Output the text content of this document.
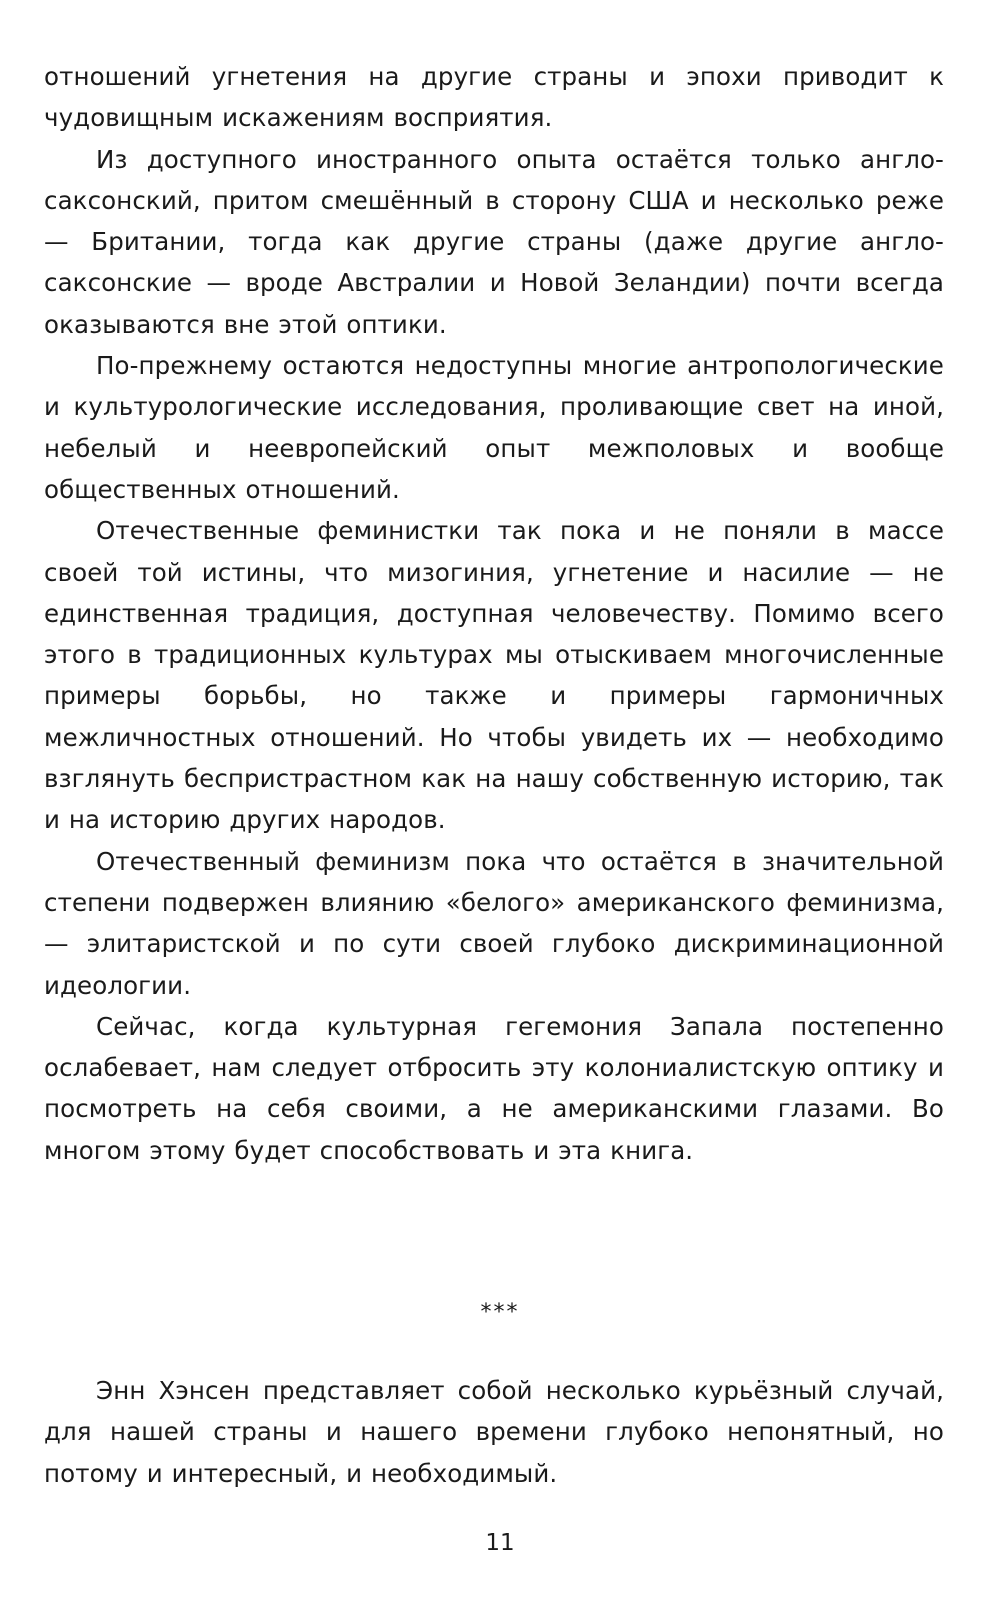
отношений угнетения на другие страны и эпохи приводит к чудовищным искажениям восприятия.

Из доступного иностранного опыта остаётся только англо-саксонский, притом смешённый в сторону США и несколько реже — Британии, тогда как другие страны (даже другие англо-саксонские — вроде Австралии и Новой Зеландии) почти всегда оказываются вне этой оптики.

По-прежнему остаются недоступны многие антропологические и культурологические исследования, проливающие свет на иной, небелый и неевропейский опыт межполовых и вообще общественных отношений.

Отечественные феминистки так пока и не поняли в массе своей той истины, что мизогиния, угнетение и насилие — не единственная традиция, доступная человечеству. Помимо всего этого в традиционных культурах мы отыскиваем многочисленные примеры борьбы, но также и примеры гармоничных межличностных отношений. Но чтобы увидеть их — необходимо взглянуть беспристрастном как на нашу собственную историю, так и на историю других народов.

Отечественный феминизм пока что остаётся в значительной степени подвержен влиянию «белого» американского феминизма, — элитаристской и по сути своей глубоко дискриминационной идеологии.

Сейчас, когда культурная гегемония Запала постепенно ослабевает, нам следует отбросить эту колониалистскую оптику и посмотреть на себя своими, а не американскими глазами. Во многом этому будет способствовать и эта книга.

***

Энн Хэнсен представляет собой несколько курьёзный случай, для нашей страны и нашего времени глубоко непонятный, но потому и интересный, и необходимый.

11
